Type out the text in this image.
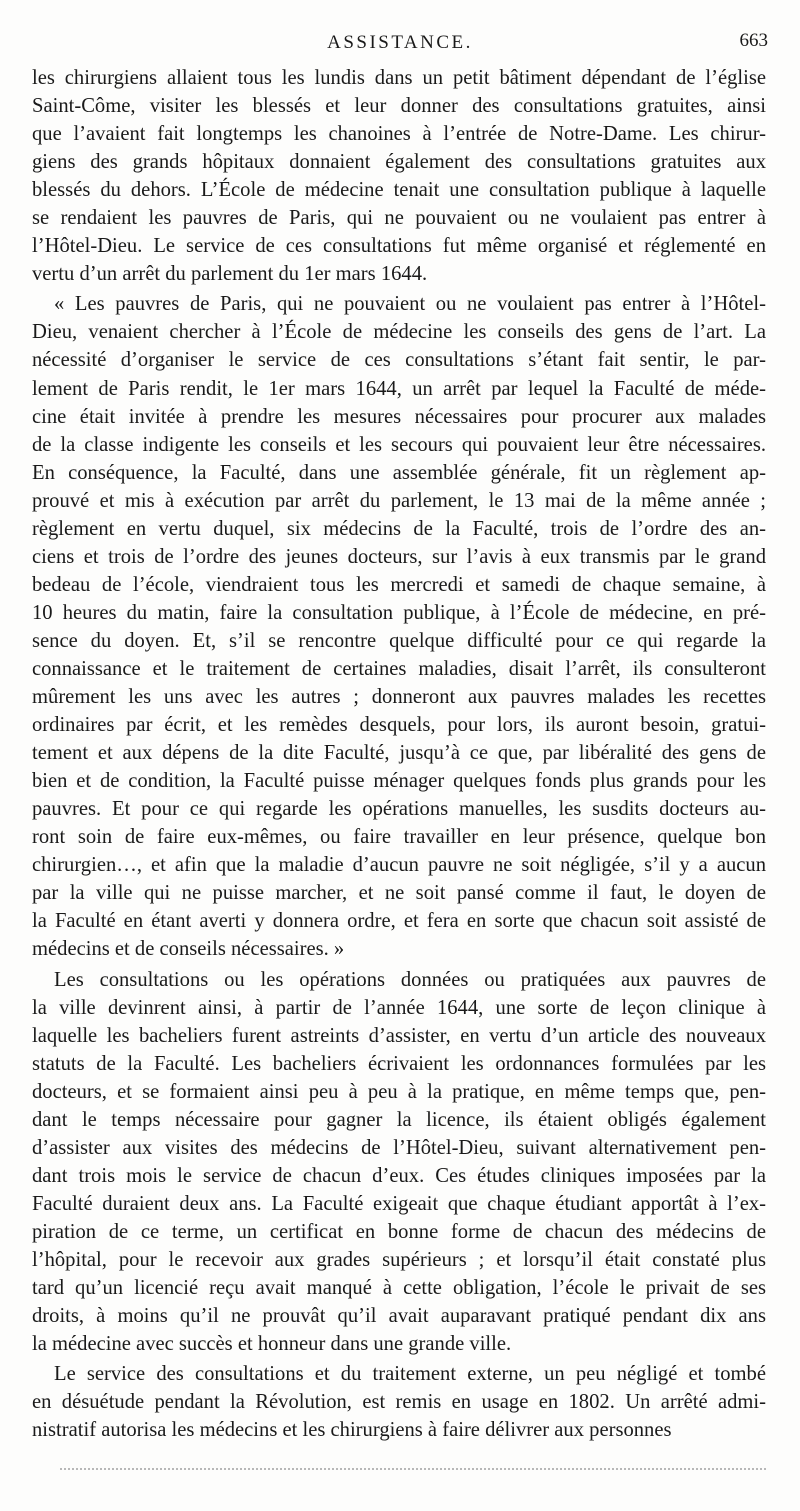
ASSISTANCE.	663
les chirurgiens allaient tous les lundis dans un petit bâtiment dépendant de l’église
Saint-Côme, visiter les blessés et leur donner des consultations gratuites, ainsi
que l’avaient fait longtemps les chanoines à l’entrée de Notre-Dame. Les chirur-
giens des grands hôpitaux donnaient également des consultations gratuites aux
blessés du dehors. L’École de médecine tenait une consultation publique à laquelle
se rendaient les pauvres de Paris, qui ne pouvaient ou ne voulaient pas entrer à
l’Hôtel-Dieu. Le service de ces consultations fut même organisé et réglementé en
vertu d’un arrêt du parlement du 1er mars 1644.
« Les pauvres de Paris, qui ne pouvaient ou ne voulaient pas entrer à l’Hôtel-
Dieu, venaient chercher à l’École de médecine les conseils des gens de l’art. La
nécessité d’organiser le service de ces consultations s’étant fait sentir, le par-
lement de Paris rendit, le 1er mars 1644, un arrêt par lequel la Faculté de méde-
cine était invitée à prendre les mesures nécessaires pour procurer aux malades
de la classe indigente les conseils et les secours qui pouvaient leur être nécessaires.
En conséquence, la Faculté, dans une assemblée générale, fit un règlement ap-
prouvé et mis à exécution par arrêt du parlement, le 13 mai de la même année ;
règlement en vertu duquel, six médecins de la Faculté, trois de l’ordre des an-
ciens et trois de l’ordre des jeunes docteurs, sur l’avis à eux transmis par le grand
bedeau de l’école, viendraient tous les mercredi et samedi de chaque semaine, à
10 heures du matin, faire la consultation publique, à l’École de médecine, en pré-
sence du doyen. Et, s’il se rencontre quelque difficulté pour ce qui regarde la
connaissance et le traitement de certaines maladies, disait l’arrêt, ils consulteront
mûrement les uns avec les autres ; donneront aux pauvres malades les recettes
ordinaires par écrit, et les remèdes desquels, pour lors, ils auront besoin, gratui-
tement et aux dépens de la dite Faculté, jusqu’à ce que, par libéralité des gens de
bien et de condition, la Faculté puisse ménager quelques fonds plus grands pour les
pauvres. Et pour ce qui regarde les opérations manuelles, les susdits docteurs au-
ront soin de faire eux-mêmes, ou faire travailler en leur présence, quelque bon
chirurgien…, et afin que la maladie d’aucun pauvre ne soit négligée, s’il y a aucun
par la ville qui ne puisse marcher, et ne soit pansé comme il faut, le doyen de
la Faculté en étant averti y donnera ordre, et fera en sorte que chacun soit assisté de
médecins et de conseils nécessaires. »
Les consultations ou les opérations données ou pratiquées aux pauvres de
la ville devinrent ainsi, à partir de l’année 1644, une sorte de leçon clinique à
laquelle les bacheliers furent astreints d’assister, en vertu d’un article des nouveaux
statuts de la Faculté. Les bacheliers écrivaient les ordonnances formulées par les
docteurs, et se formaient ainsi peu à peu à la pratique, en même temps que, pen-
dant le temps nécessaire pour gagner la licence, ils étaient obligés également
d’assister aux visites des médecins de l’Hôtel-Dieu, suivant alternativement pen-
dant trois mois le service de chacun d’eux. Ces études cliniques imposées par la
Faculté duraient deux ans. La Faculté exigeait que chaque étudiant apportât à l’ex-
piration de ce terme, un certificat en bonne forme de chacun des médecins de
l’hôpital, pour le recevoir aux grades supérieurs ; et lorsqu’il était constaté plus
tard qu’un licencié reçu avait manqué à cette obligation, l’école le privait de ses
droits, à moins qu’il ne prouvât qu’il avait auparavant pratiqué pendant dix ans
la médecine avec succès et honneur dans une grande ville.
Le service des consultations et du traitement externe, un peu négligé et tombé
en désuétude pendant la Révolution, est remis en usage en 1802. Un arrêté admi-
nistratif autorisa les médecins et les chirurgiens à faire délivrer aux personnes
